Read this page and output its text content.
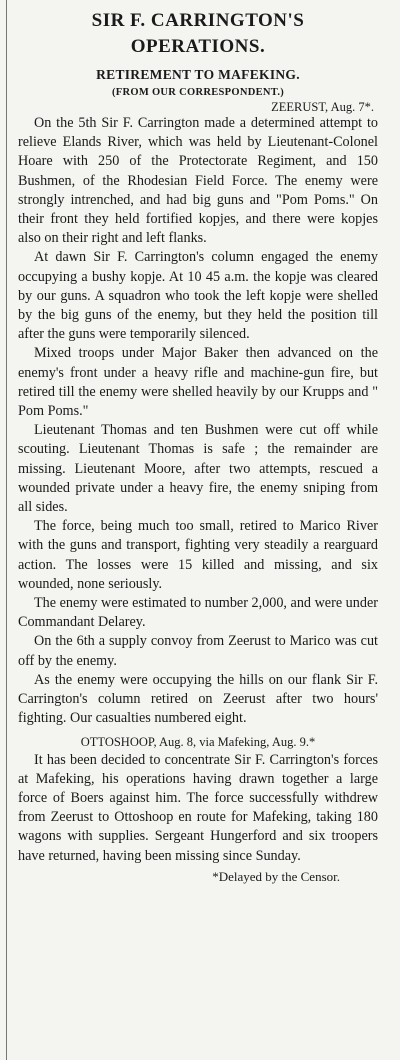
SIR F. CARRINGTON'S
OPERATIONS.
RETIREMENT TO MAFEKING.
(FROM OUR CORRESPONDENT.)
ZEERUST, Aug. 7*.

On the 5th Sir F. Carrington made a determined attempt to relieve Elands River, which was held by Lieutenant-Colonel Hoare with 250 of the Protectorate Regiment, and 150 Bushmen, of the Rhodesian Field Force. The enemy were strongly intrenched, and had big guns and "Pom Poms." On their front they held fortified kopjes, and there were kopjes also on their right and left flanks.

At dawn Sir F. Carrington's column engaged the enemy occupying a bushy kopje. At 10 45 a.m. the kopje was cleared by our guns. A squadron who took the left kopje were shelled by the big guns of the enemy, but they held the position till after the guns were temporarily silenced.

Mixed troops under Major Baker then advanced on the enemy's front under a heavy rifle and machine-gun fire, but retired till the enemy were shelled heavily by our Krupps and " Pom Poms."

Lieutenant Thomas and ten Bushmen were cut off while scouting. Lieutenant Thomas is safe ; the remainder are missing. Lieutenant Moore, after two attempts, rescued a wounded private under a heavy fire, the enemy sniping from all sides.

The force, being much too small, retired to Marico River with the guns and transport, fighting very steadily a rearguard action. The losses were 15 killed and missing, and six wounded, none seriously.

The enemy were estimated to number 2,000, and were under Commandant Delarey.

On the 6th a supply convoy from Zeerust to Marico was cut off by the enemy.

As the enemy were occupying the hills on our flank Sir F. Carrington's column retired on Zeerust after two hours' fighting. Our casualties numbered eight.

OTTOSHOOP, Aug. 8, via Mafeking, Aug. 9.*

It has been decided to concentrate Sir F. Carrington's forces at Mafeking, his operations having drawn together a large force of Boers against him. The force successfully withdrew from Zeerust to Ottoshoop en route for Mafeking, taking 180 wagons with supplies. Sergeant Hungerford and six troopers have returned, having been missing since Sunday.

*Delayed by the Censor.
